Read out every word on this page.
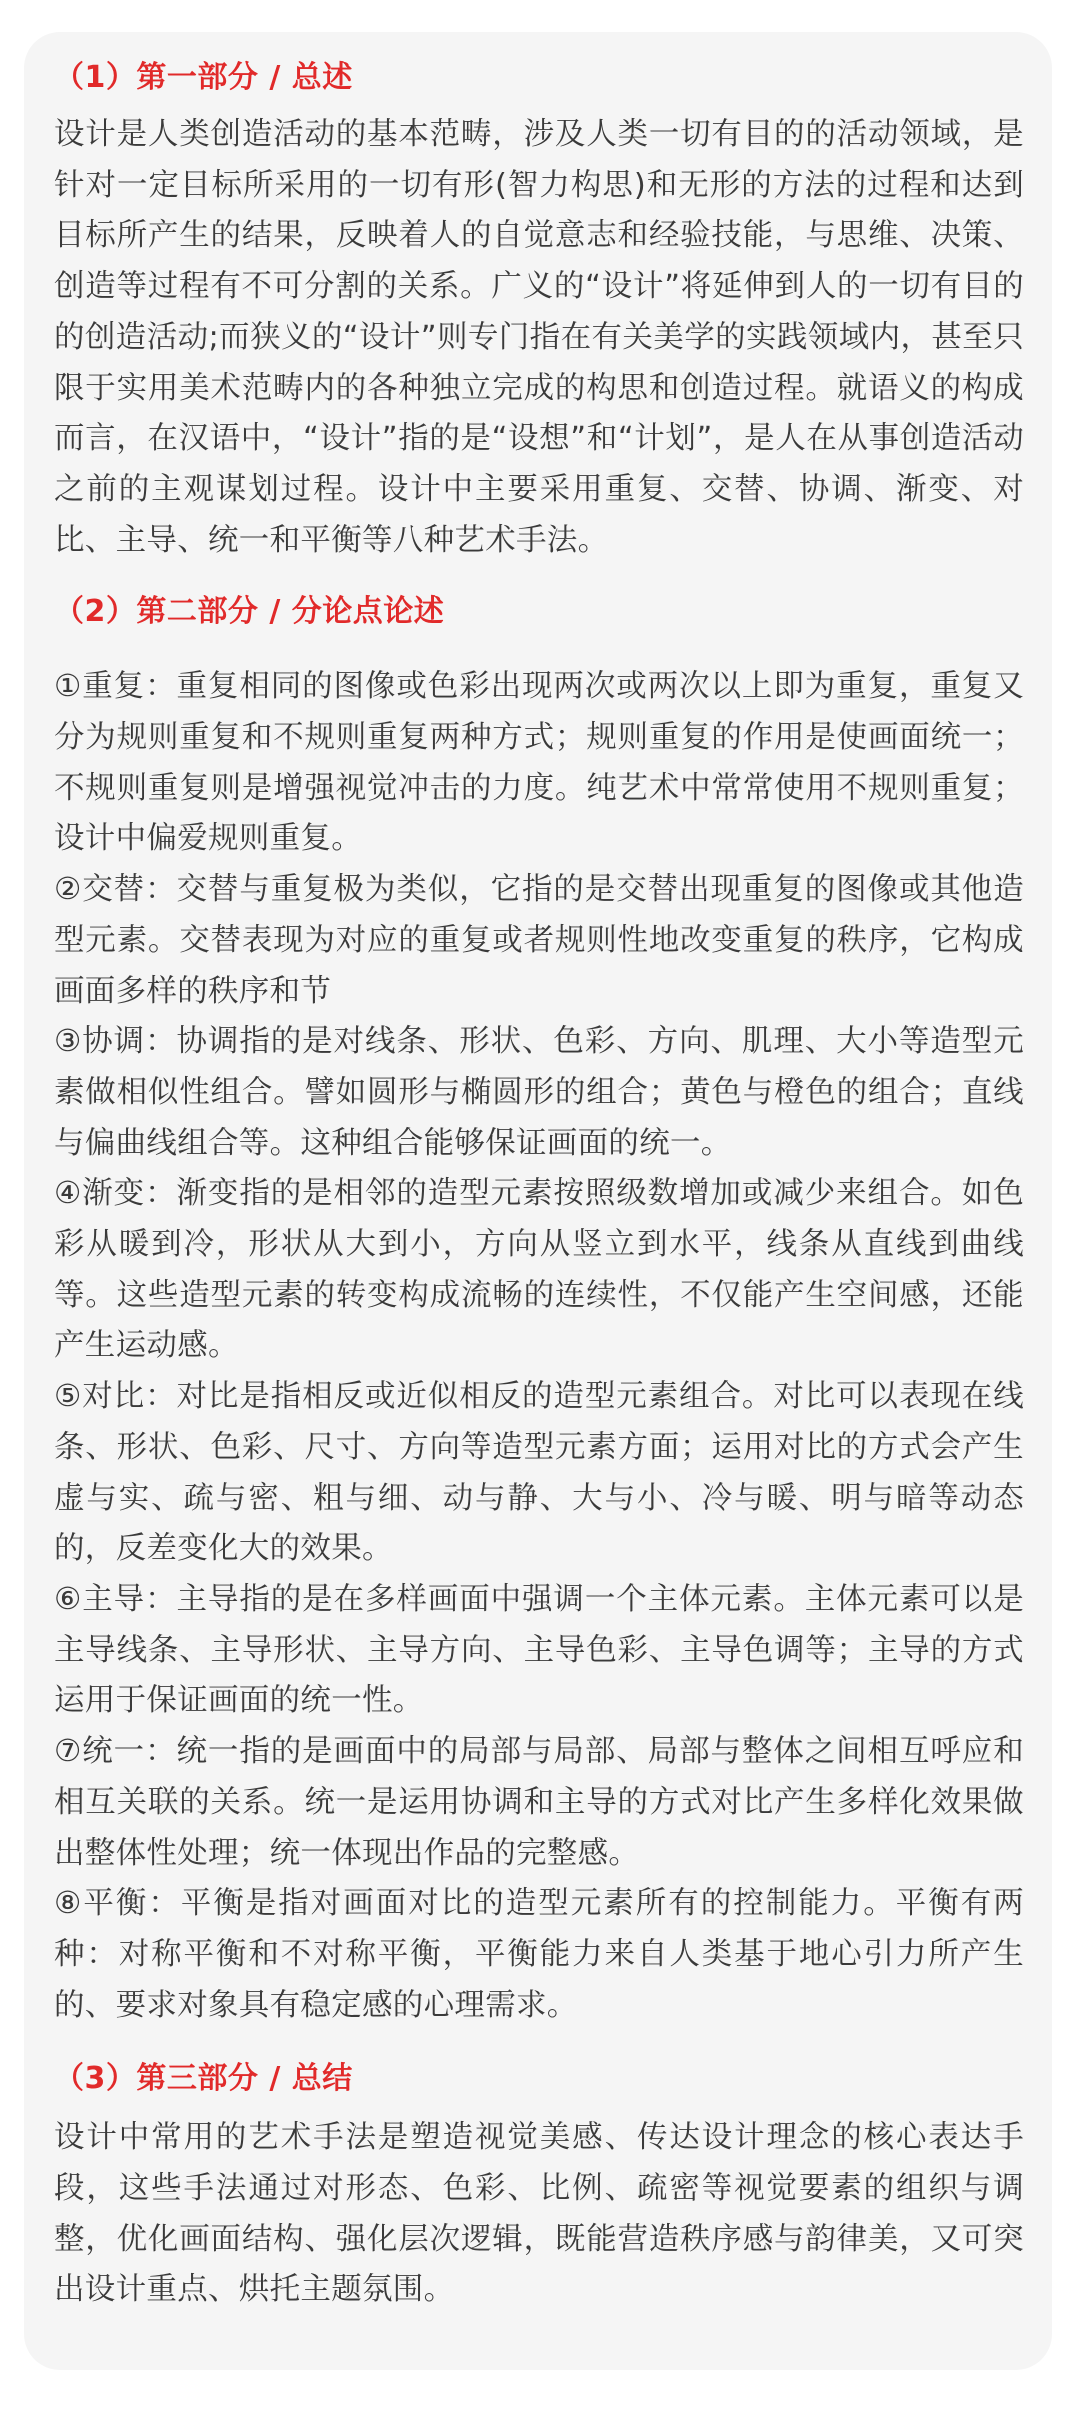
（1）第一部分 / 总述

设计是人类创造活动的基本范畴，涉及人类一切有目的的活动领域，是针对一定目标所采用的一切有形(智力构思)和无形的方法的过程和达到目标所产生的结果，反映着人的自觉意志和经验技能，与思维、决策、创造等过程有不可分割的关系。广义的“设计”将延伸到人的一切有目的的创造活动;而狭义的“设计”则专门指在有关美学的实践领域内，甚至只限于实用美术范畴内的各种独立完成的构思和创造过程。就语义的构成而言，在汉语中，“设计”指的是“设想”和“计划”，是人在从事创造活动之前的主观谋划过程。设计中主要采用重复、交替、协调、渐变、对比、主导、统一和平衡等八种艺术手法。

（2）第二部分 / 分论点论述

①重复：重复相同的图像或色彩出现两次或两次以上即为重复，重复又分为规则重复和不规则重复两种方式；规则重复的作用是使画面统一；不规则重复则是增强视觉冲击的力度。纯艺术中常常使用不规则重复；设计中偏爱规则重复。

②交替：交替与重复极为类似，它指的是交替出现重复的图像或其他造型元素。交替表现为对应的重复或者规则性地改变重复的秩序，它构成画面多样的秩序和节

③协调：协调指的是对线条、形状、色彩、方向、肌理、大小等造型元素做相似性组合。譬如圆形与椭圆形的组合；黄色与橙色的组合；直线与偏曲线组合等。这种组合能够保证画面的统一。

④渐变：渐变指的是相邻的造型元素按照级数增加或减少来组合。如色彩从暖到冷，形状从大到小，方向从竖立到水平，线条从直线到曲线等。这些造型元素的转变构成流畅的连续性，不仅能产生空间感，还能产生运动感。

⑤对比：对比是指相反或近似相反的造型元素组合。对比可以表现在线条、形状、色彩、尺寸、方向等造型元素方面；运用对比的方式会产生虚与实、疏与密、粗与细、动与静、大与小、冷与暖、明与暗等动态的，反差变化大的效果。

⑥主导：主导指的是在多样画面中强调一个主体元素。主体元素可以是主导线条、主导形状、主导方向、主导色彩、主导色调等；主导的方式运用于保证画面的统一性。

⑦统一：统一指的是画面中的局部与局部、局部与整体之间相互呼应和相互关联的关系。统一是运用协调和主导的方式对比产生多样化效果做出整体性处理；统一体现出作品的完整感。

⑧平衡：平衡是指对画面对比的造型元素所有的控制能力。平衡有两种：对称平衡和不对称平衡，平衡能力来自人类基于地心引力所产生的、要求对象具有稳定感的心理需求。

（3）第三部分 / 总结

设计中常用的艺术手法是塑造视觉美感、传达设计理念的核心表达手段，这些手法通过对形态、色彩、比例、疏密等视觉要素的组织与调整，优化画面结构、强化层次逻辑，既能营造秩序感与韵律美，又可突出设计重点、烘托主题氛围。
